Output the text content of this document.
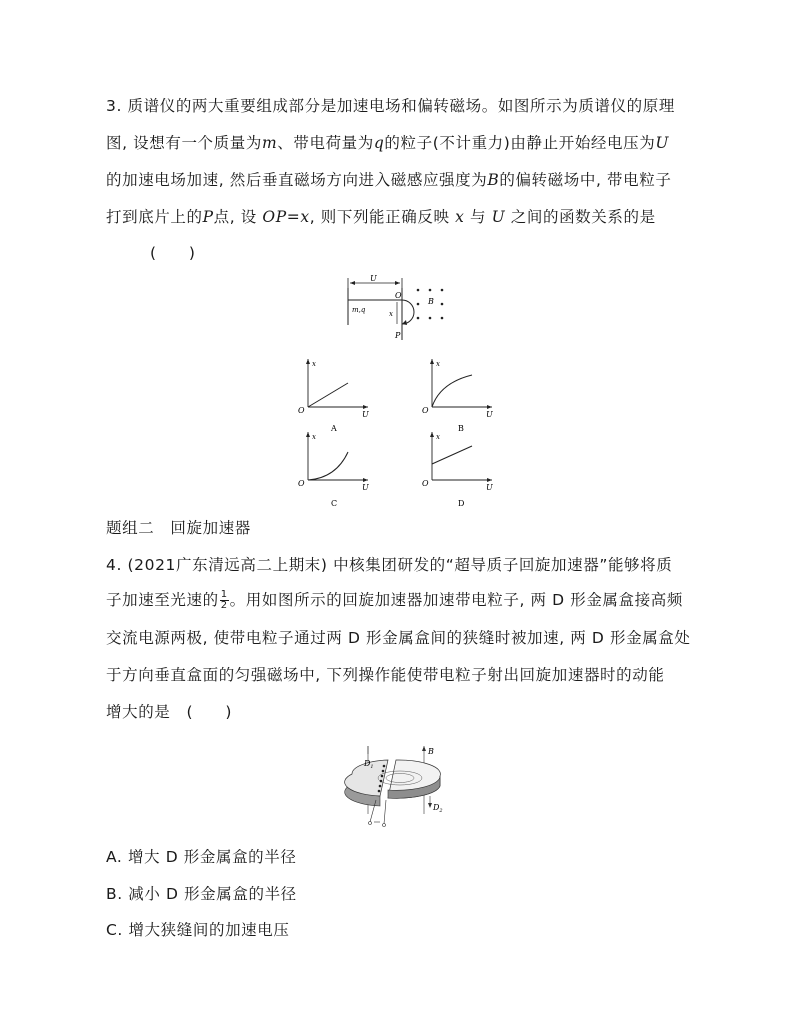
3. 质谱仪的两大重要组成部分是加速电场和偏转磁场。如图所示为质谱仪的原理
图, 设想有一个质量为m、带电荷量为q的粒子(不计重力)由静止开始经电压为U
的加速电场加速, 然后垂直磁场方向进入磁感应强度为B的偏转磁场中, 带电粒子
打到底片上的P点, 设 OP=x, 则下列能正确反映 x 与 U 之间的函数关系的是
(　　)
U
O
m,q	x
P
B
x
O	U
A
x
O	U
B
x
O	U
C
x
O	U
D
题组二　回旋加速器
4. (2021广东清远高二上期末) 中核集团研发的“超导质子回旋加速器”能够将质
子加速至光速的 $\frac{1}{2}$ 。用如图所示的回旋加速器加速带电粒子, 两 D 形金属盒接高频
交流电源两极, 使带电粒子通过两 D 形金属盒间的狭缝时被加速, 两 D 形金属盒处
于方向垂直盒面的匀强磁场中, 下列操作能使带电粒子射出回旋加速器时的动能
增大的是　(　　)
B
$D_1$
$D_2$
A. 增大 D 形金属盒的半径
B. 减小 D 形金属盒的半径
C. 增大狭缝间的加速电压
